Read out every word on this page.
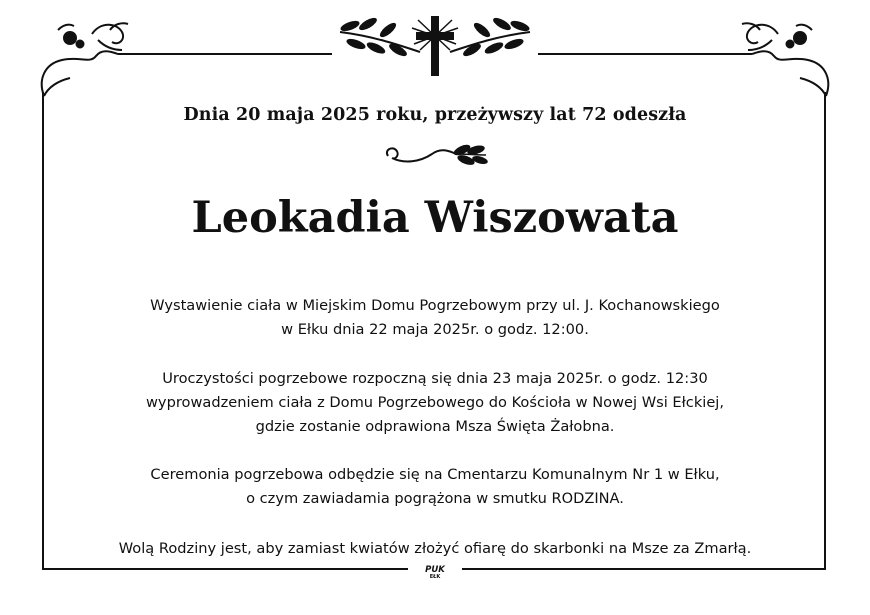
Dnia 20 maja 2025 roku, przeżywszy lat 72 odeszła
Leokadia Wiszowata
Wystawienie ciała w Miejskim Domu Pogrzebowym przy ul. J. Kochanowskiego
w Ełku dnia 22 maja 2025r. o godz. 12:00.
Uroczystości pogrzebowe rozpoczną się dnia 23 maja 2025r. o godz. 12:30
wyprowadzeniem ciała z Domu Pogrzebowego do Kościoła w Nowej Wsi Ełckiej,
gdzie zostanie odprawiona Msza Święta Żałobna.
Ceremonia pogrzebowa odbędzie się na Cmentarzu Komunalnym Nr 1 w Ełku,
o czym zawiadamia pogrążona w smutku RODZINA.
Wolą Rodziny jest, aby zamiast kwiatów złożyć ofiarę do skarbonki na Msze za Zmarłą.
PUK
EŁK
